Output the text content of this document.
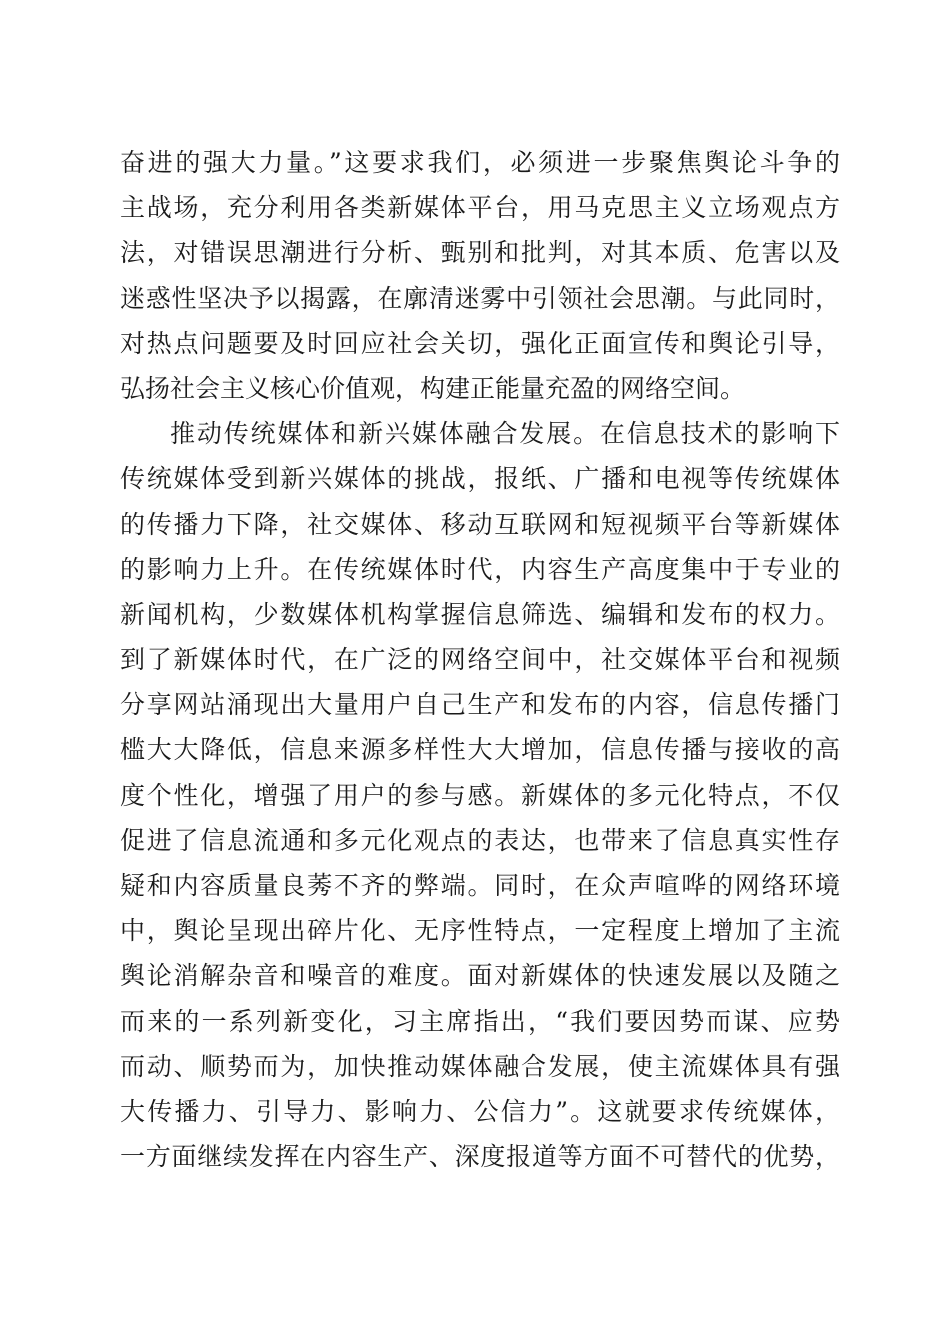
奋进的强大力量。”这要求我们，必须进一步聚焦舆论斗争的
主战场，充分利用各类新媒体平台，用马克思主义立场观点方
法，对错误思潮进行分析、甄别和批判，对其本质、危害以及
迷惑性坚决予以揭露，在廓清迷雾中引领社会思潮。与此同时，
对热点问题要及时回应社会关切，强化正面宣传和舆论引导，
弘扬社会主义核心价值观，构建正能量充盈的网络空间。
推动传统媒体和新兴媒体融合发展。在信息技术的影响下
传统媒体受到新兴媒体的挑战，报纸、广播和电视等传统媒体
的传播力下降，社交媒体、移动互联网和短视频平台等新媒体
的影响力上升。在传统媒体时代，内容生产高度集中于专业的
新闻机构，少数媒体机构掌握信息筛选、编辑和发布的权力。
到了新媒体时代，在广泛的网络空间中，社交媒体平台和视频
分享网站涌现出大量用户自己生产和发布的内容，信息传播门
槛大大降低，信息来源多样性大大增加，信息传播与接收的高
度个性化，增强了用户的参与感。新媒体的多元化特点，不仅
促进了信息流通和多元化观点的表达，也带来了信息真实性存
疑和内容质量良莠不齐的弊端。同时，在众声喧哗的网络环境
中，舆论呈现出碎片化、无序性特点，一定程度上增加了主流
舆论消解杂音和噪音的难度。面对新媒体的快速发展以及随之
而来的一系列新变化，习主席指出，“我们要因势而谋、应势
而动、顺势而为，加快推动媒体融合发展，使主流媒体具有强
大传播力、引导力、影响力、公信力”。这就要求传统媒体，
一方面继续发挥在内容生产、深度报道等方面不可替代的优势，
